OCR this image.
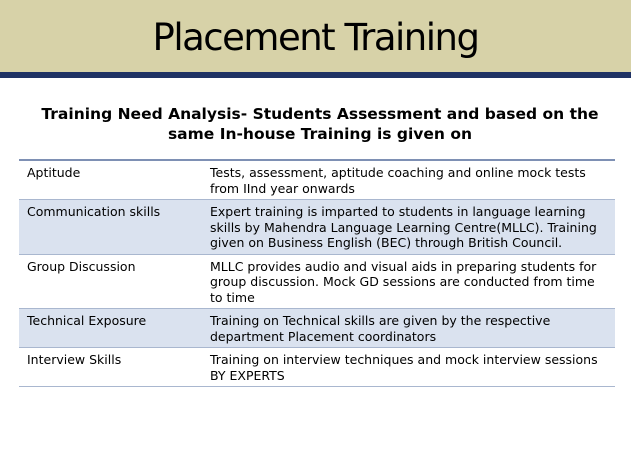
Placement Training
Training Need Analysis- Students Assessment and based on the same In-house Training is given on
Aptitude	Tests, assessment, aptitude coaching and online mock tests from IInd year onwards
Communication skills	Expert training is imparted to students in language learning skills by Mahendra Language Learning Centre(MLLC). Training given on Business English (BEC) through British Council.
Group Discussion	MLLC provides audio and visual aids in preparing students for group discussion. Mock GD sessions are conducted from time to time
Technical Exposure	Training on Technical skills are given by the respective department Placement coordinators
Interview Skills	Training on interview techniques and mock interview sessions BY EXPERTS
